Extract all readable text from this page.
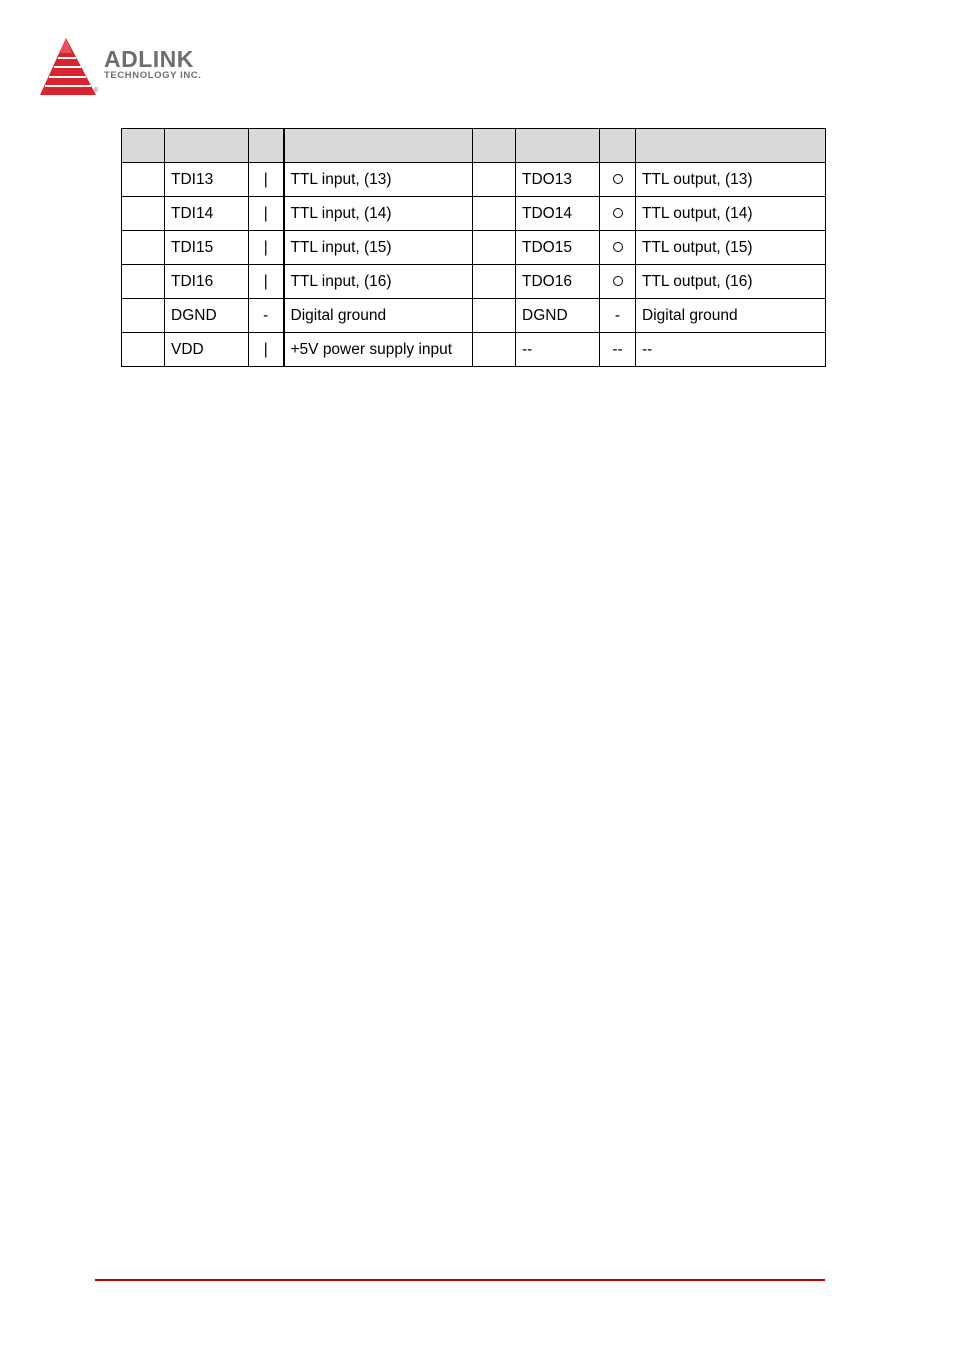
®
ADLINK
TECHNOLOGY INC.

	TDI13	|	TTL input, (13)		TDO13		TTL output, (13)
	TDI14	|	TTL input, (14)		TDO14		TTL output, (14)
	TDI15	|	TTL input, (15)		TDO15		TTL output, (15)
	TDI16	|	TTL input, (16)		TDO16		TTL output, (16)
	DGND	-	Digital ground		DGND	-	Digital ground
	VDD	|	+5V power supply input		--	--	--
